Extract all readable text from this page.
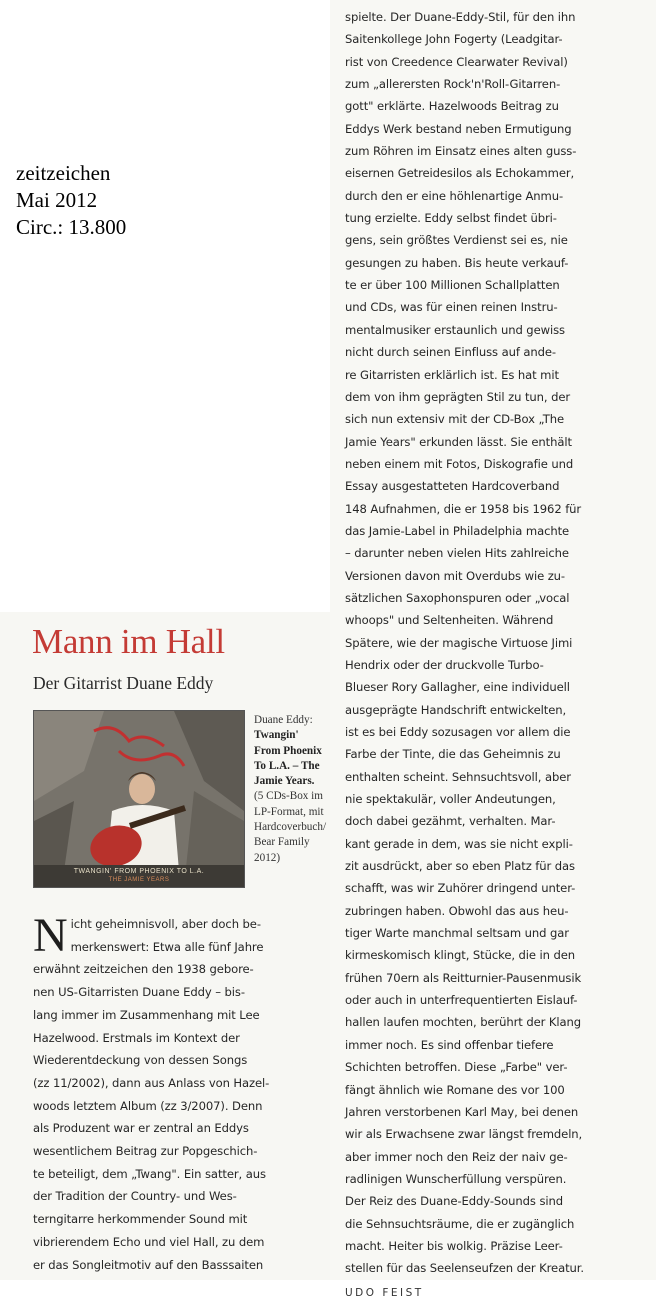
zeitzeichen
Mai 2012
Circ.: 13.800
Mann im Hall
Der Gitarrist Duane Eddy
TWANGIN' FROM PHOENIX TO L.A.
THE JAMIE YEARS
Duane Eddy:
Twangin'
From Phoenix
To L.A. – The
Jamie Years.
(5 CDs-Box im
LP-Format, mit
Hardcoverbuch/
Bear Family
2012)
N icht geheimnisvoll, aber doch be-
merkenswert: Etwa alle fünf Jahre
erwähnt zeitzeichen den 1938 gebore-
nen US-Gitarristen Duane Eddy – bis-
lang immer im Zusammenhang mit Lee
Hazelwood. Erstmals im Kontext der
Wiederentdeckung von dessen Songs
(zz 11/2002), dann aus Anlass von Hazel-
woods letztem Album (zz 3/2007). Denn
als Produzent war er zentral an Eddys
wesentlichem Beitrag zur Popgeschich-
te beteiligt, dem „Twang". Ein satter, aus
der Tradition der Country- und Wes-
terngitarre herkommender Sound mit
vibrierendem Echo und viel Hall, zu dem
er das Songleitmotiv auf den Basssaiten
spielte. Der Duane-Eddy-Stil, für den ihn
Saitenkollege John Fogerty (Leadgitar-
rist von Creedence Clearwater Revival)
zum „allerersten Rock'n'Roll-Gitarren-
gott" erklärte. Hazelwoods Beitrag zu
Eddys Werk bestand neben Ermutigung
zum Röhren im Einsatz eines alten guss-
eisernen Getreidesilos als Echokammer,
durch den er eine höhlenartige Anmu-
tung erzielte. Eddy selbst findet übri-
gens, sein größtes Verdienst sei es, nie
gesungen zu haben. Bis heute verkauf-
te er über 100 Millionen Schallplatten
und CDs, was für einen reinen Instru-
mentalmusiker erstaunlich und gewiss
nicht durch seinen Einfluss auf ande-
re Gitarristen erklärlich ist. Es hat mit
dem von ihm geprägten Stil zu tun, der
sich nun extensiv mit der CD-Box „The
Jamie Years" erkunden lässt. Sie enthält
neben einem mit Fotos, Diskografie und
Essay ausgestatteten Hardcoverband
148 Aufnahmen, die er 1958 bis 1962 für
das Jamie-Label in Philadelphia machte
– darunter neben vielen Hits zahlreiche
Versionen davon mit Overdubs wie zu-
sätzlichen Saxophonspuren oder „vocal
whoops" und Seltenheiten. Während
Spätere, wie der magische Virtuose Jimi
Hendrix oder der druckvolle Turbo-
Blueser Rory Gallagher, eine individuell
ausgeprägte Handschrift entwickelten,
ist es bei Eddy sozusagen vor allem die
Farbe der Tinte, die das Geheimnis zu
enthalten scheint. Sehnsuchtsvoll, aber
nie spektakulär, voller Andeutungen,
doch dabei gezähmt, verhalten. Mar-
kant gerade in dem, was sie nicht expli-
zit ausdrückt, aber so eben Platz für das
schafft, was wir Zuhörer dringend unter-
zubringen haben. Obwohl das aus heu-
tiger Warte manchmal seltsam und gar
kirmeskomisch klingt, Stücke, die in den
frühen 70ern als Reitturnier-Pausenmusik
oder auch in unterfrequentierten Eislauf-
hallen laufen mochten, berührt der Klang
immer noch. Es sind offenbar tiefere
Schichten betroffen. Diese „Farbe" ver-
fängt ähnlich wie Romane des vor 100
Jahren verstorbenen Karl May, bei denen
wir als Erwachsene zwar längst fremdeln,
aber immer noch den Reiz der naiv ge-
radlinigen Wunscherfüllung verspüren.
Der Reiz des Duane-Eddy-Sounds sind
die Sehnsuchtsräume, die er zugänglich
macht. Heiter bis wolkig. Präzise Leer-
stellen für das Seelenseufzen der Kreatur.
UDO FEIST
